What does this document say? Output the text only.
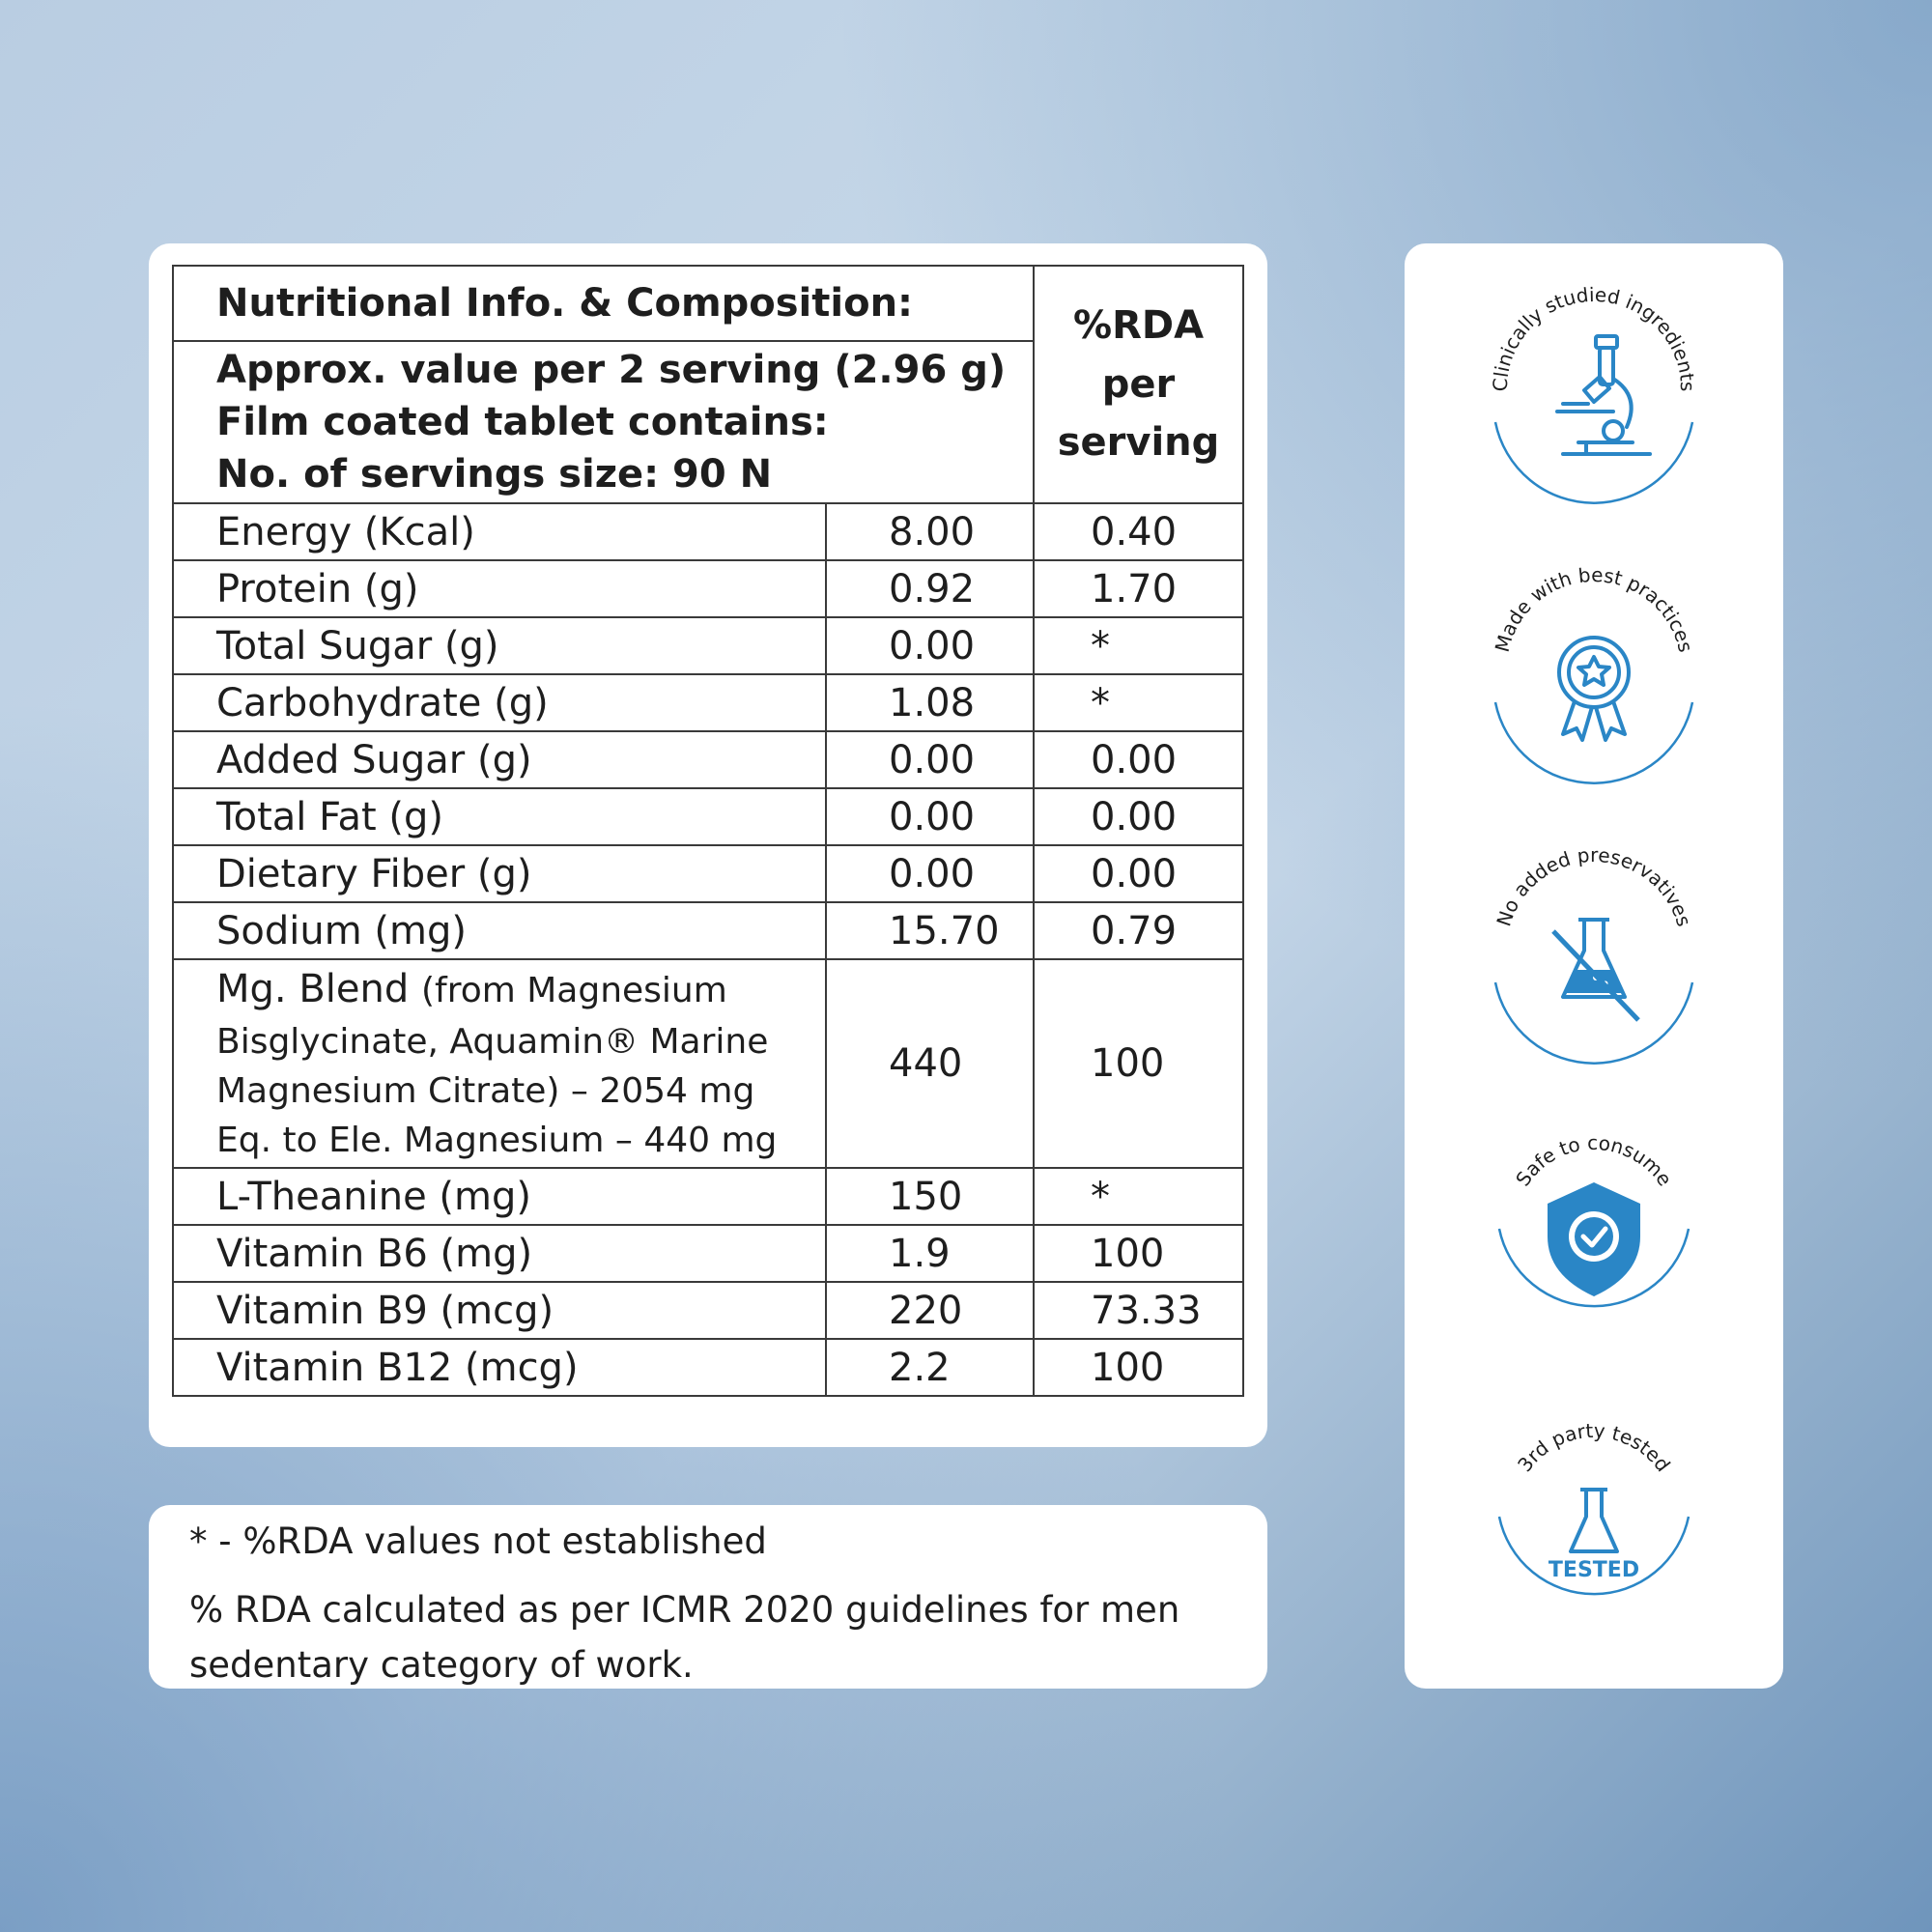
Nutritional Info. & Composition:		%RDA
per
serving

Approx. value per 2 serving (2.96 g)
Film coated tablet contains:
No. of servings size: 90 N		

Energy (Kcal)	8.00	0.40
Protein (g)	0.92	1.70
Total Sugar (g)	0.00	*
Carbohydrate (g)	1.08	*
Added Sugar (g)	0.00	0.00
Total Fat (g)	0.00	0.00
Dietary Fiber (g)	0.00	0.00
Sodium (mg)	15.70	0.79

Mg. Blend (from Magnesium
Bisglycinate, Aquamin® Marine
Magnesium Citrate) – 2054 mg
Eq. to Ele. Magnesium – 440 mg	440	100
L-Theanine (mg)	150	*
Vitamin B6 (mg)	1.9	100
Vitamin B9 (mcg)	220	73.33
Vitamin B12 (mcg)	2.2	100
* - %RDA values not established
% RDA calculated as per ICMR 2020 guidelines for men sedentary category of work.
Clinically studied ingredients
Made with best practices
No added preservatives
Safe to consume
3rd party tested
TESTED
